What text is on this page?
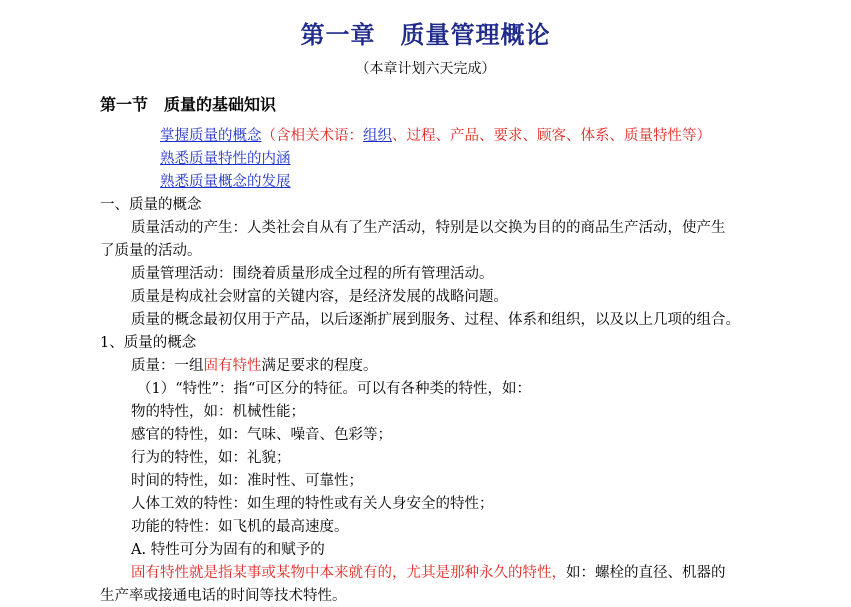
第一章　质量管理概论
（本章计划六天完成）
第一节　质量的基础知识
掌握质量的概念（含相关术语：组织、过程、产品、要求、顾客、体系、质量特性等）
熟悉质量特性的内涵
熟悉质量概念的发展
一、质量的概念
质量活动的产生：人类社会自从有了生产活动，特别是以交换为目的的商品生产活动，使产生
了质量的活动。
质量管理活动：围绕着质量形成全过程的所有管理活动。
质量是构成社会财富的关键内容，是经济发展的战略问题。
质量的概念最初仅用于产品，以后逐渐扩展到服务、过程、体系和组织，以及以上几项的组合。
1、质量的概念
质量：一组固有特性满足要求的程度。
（1）“特性”：指“可区分的特征。可以有各种类的特性，如：
物的特性，如：机械性能；
感官的特性，如：气味、噪音、色彩等；
行为的特性，如：礼貌；
时间的特性，如：准时性、可靠性；
人体工效的特性：如生理的特性或有关人身安全的特性；
功能的特性：如飞机的最高速度。
A. 特性可分为固有的和赋予的
固有特性就是指某事或某物中本来就有的，尤其是那种永久的特性，如：螺栓的直径、机器的
生产率或接通电话的时间等技术特性。
